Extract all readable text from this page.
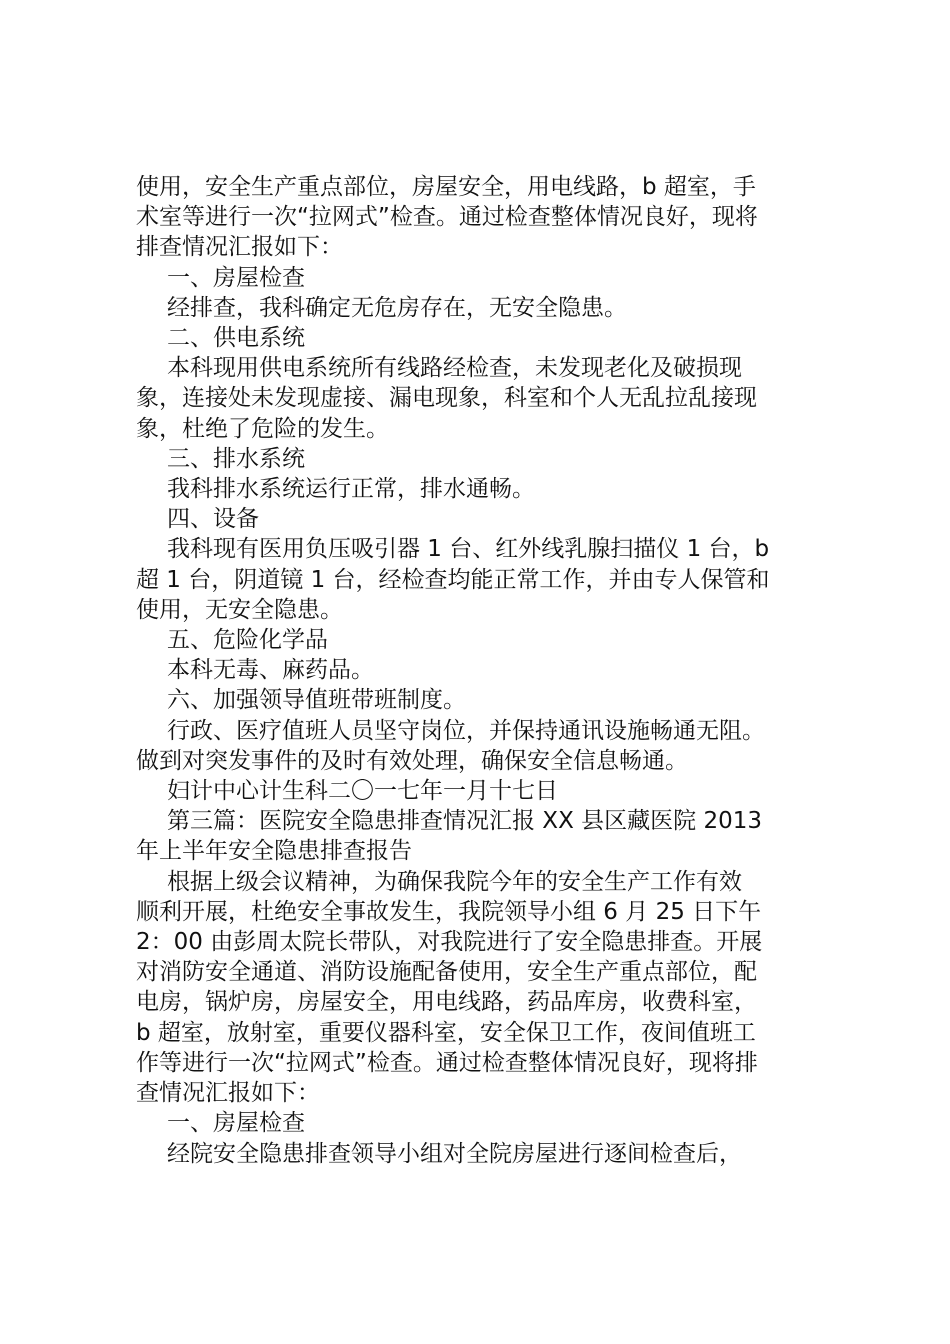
使用，安全生产重点部位，房屋安全，用电线路，b 超室，手

术室等进行一次“拉网式”检查。通过检查整体情况良好，现将

排查情况汇报如下：

一、房屋检查

经排查，我科确定无危房存在，无安全隐患。

二、供电系统

本科现用供电系统所有线路经检查，未发现老化及破损现

象，连接处未发现虚接、漏电现象，科室和个人无乱拉乱接现

象，杜绝了危险的发生。

三、排水系统

我科排水系统运行正常，排水通畅。

四、设备

我科现有医用负压吸引器 1 台、红外线乳腺扫描仪 1 台，b

超 1 台，阴道镜 1 台，经检查均能正常工作，并由专人保管和

使用，无安全隐患。

五、危险化学品

本科无毒、麻药品。

六、加强领导值班带班制度。

行政、医疗值班人员坚守岗位，并保持通讯设施畅通无阻。

做到对突发事件的及时有效处理，确保安全信息畅通。

妇计中心计生科二〇一七年一月十七日

第三篇：医院安全隐患排查情况汇报 XX 县区藏医院 2013

年上半年安全隐患排查报告

根据上级会议精神，为确保我院今年的安全生产工作有效

顺利开展，杜绝安全事故发生，我院领导小组 6 月 25 日下午

2：00 由彭周太院长带队，对我院进行了安全隐患排查。开展

对消防安全通道、消防设施配备使用，安全生产重点部位，配

电房，锅炉房，房屋安全，用电线路，药品库房，收费科室，

b 超室，放射室，重要仪器科室，安全保卫工作，夜间值班工

作等进行一次“拉网式”检查。通过检查整体情况良好，现将排

查情况汇报如下：

一、房屋检查

经院安全隐患排查领导小组对全院房屋进行逐间检查后，
